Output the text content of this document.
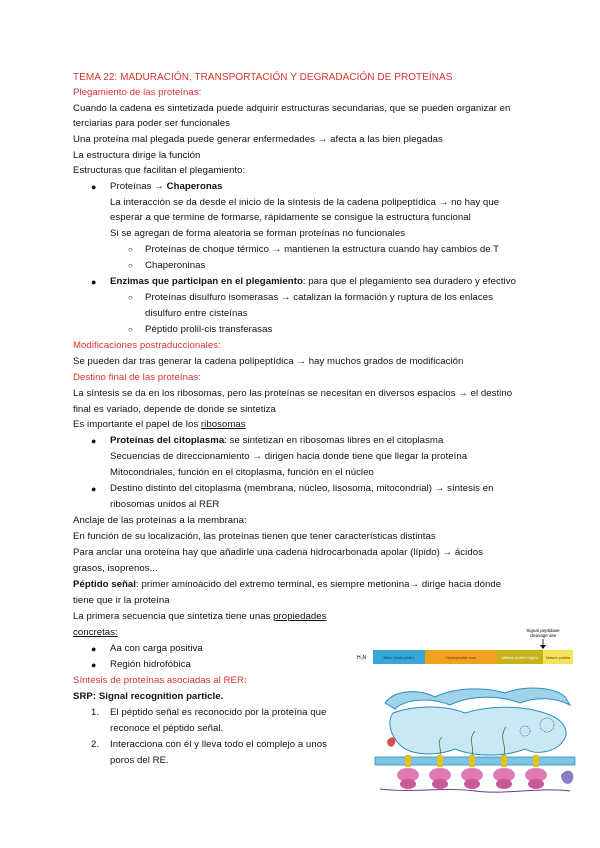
TEMA 22: MADURACIÓN, TRANSPORTACIÓN Y DEGRADACIÓN DE PROTEÍNAS
Plegamiento de las proteínas:
Cuando la cadena es sintetizada puede adquirir estructuras secundarias, que se pueden organizar en
terciarias para poder ser funcionales
Una proteína mal plegada puede generar enfermedades → afecta a las bien plegadas
La estructura dirige la función
Estructuras que facilitan el plegamiento:
● Proteínas → Chaperonas
La interacción se da desde el inicio de la síntesis de la cadena polipeptídica → no hay que
esperar a que termine de formarse, rápidamente se consigue la estructura funcional
Si se agregan de forma aleatoria se forman proteínas no funcionales
○ Proteínas de choque térmico → mantienen la estructura cuando hay cambios de T
○ Chaperoninas
● Enzimas que participan en el plegamiento: para que el plegamiento sea duradero y efectivo
○ Proteínas disulfuro isomerasas → catalizan la formación y ruptura de los enlaces
disulfuro entre cisteínas
○ Péptido prolil-cis transferasas
Modificaciones postraduccionales:
Se pueden dar tras generar la cadena polipeptídica → hay muchos grados de modificación
Destino final de las proteínas:
La síntesis se da en los ribosomas, pero las proteínas se necesitan en diversos espacios → el destino
final es variado, depende de donde se sintetiza
Es importante el papel de los ribosomas
● Proteínas del citoplasma: se sintetizan en ribosomas libres en el citoplasma
Secuencias de direccionamiento → dirigen hacia donde tiene que llegar la proteína
Mitocondriales, función en el citoplasma, función en el núcleo
● Destino distinto del citoplasma (membrana, núcleo, lisosoma, mitocondrial) → síntesis en
ribosomas unidos al RER
Anclaje de las proteínas a la membrana:
En función de su localización, las proteínas tienen que tener características distintas
Para anclar una oroteína hay que añadirle una cadena hidrocarbonada apolar (lípido) → ácidos
grasos, isoprenos...
Péptido señal: primer aminoácido del extremo terminal, es siempre metionina→ dirige hacia dónde
tiene que ir la proteína
La primera secuencia que sintetiza tiene unas propiedades
concretas:
● Aa con carga positiva
● Región hidrofóbica
Síntesis de proteínas asociadas al RER:
SRP: Signal recognition particle.
1. El péptido señal es reconocido por la proteína que
reconoce el péptido señal.
2. Interacciona con él y lleva todo el complejo a unos
poros del RE.
Signal peptidase
cleavage site
H₂N	Basic (hydrophilic)	Hydrophobic core	Mature protein region Mature protein
